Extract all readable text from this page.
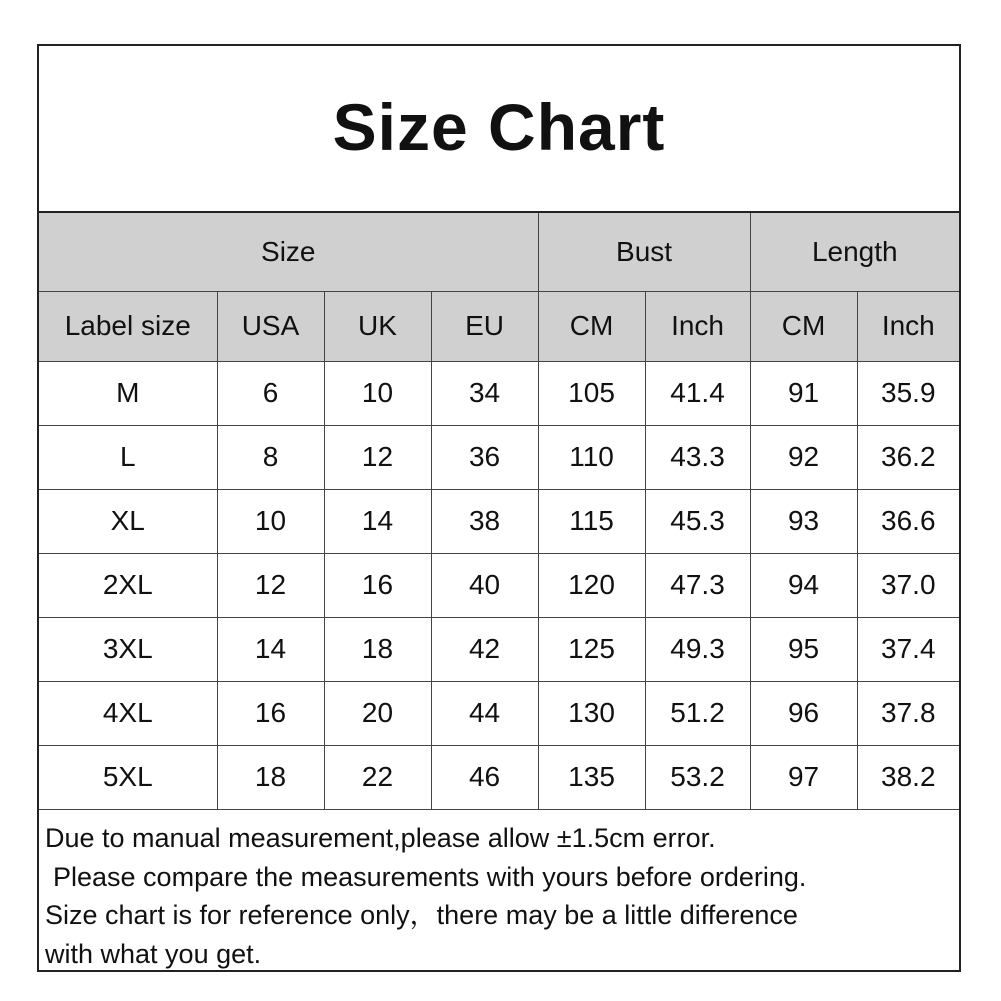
Size Chart
Size				Bust		Length	
Label size	USA	UK	EU	CM	Inch	CM	Inch
M	6	10	34	105	41.4	91	35.9
L	8	12	36	110	43.3	92	36.2
XL	10	14	38	115	45.3	93	36.6
2XL	12	16	40	120	47.3	94	37.0
3XL	14	18	42	125	49.3	95	37.4
4XL	16	20	44	130	51.2	96	37.8
5XL	18	22	46	135	53.2	97	38.2
Due to manual measurement,please allow ±1.5cm error.
Please compare the measurements with yours before ordering.
Size chart is for reference only，there may be a little difference
with what you get.
